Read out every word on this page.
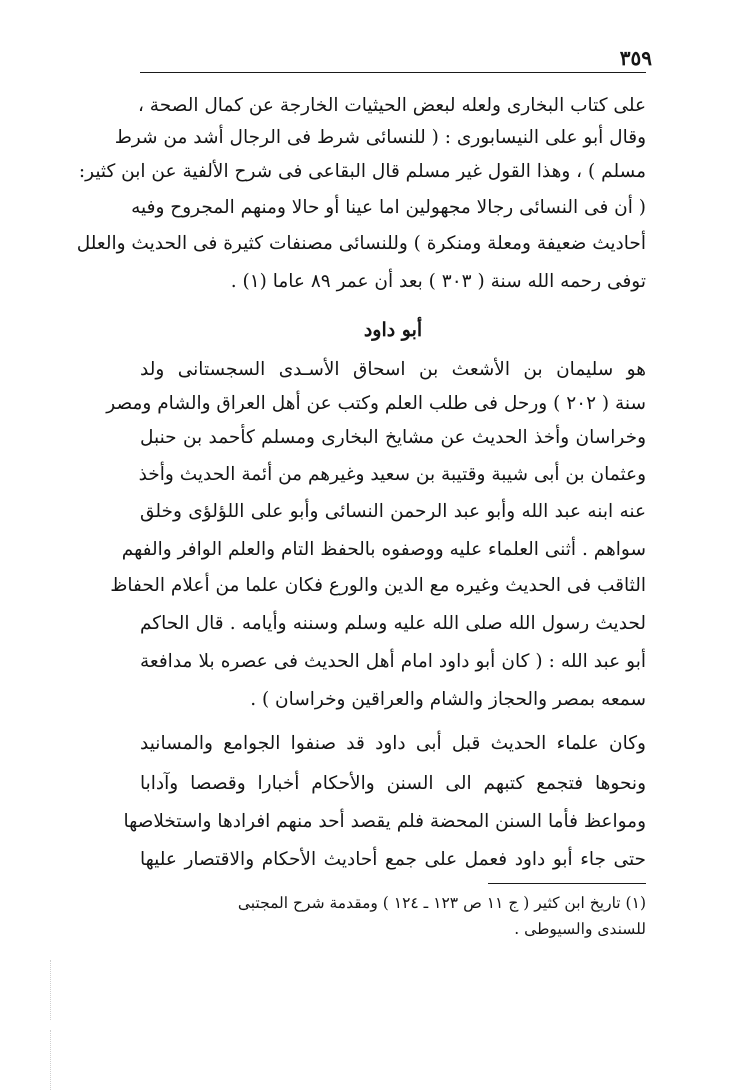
٣٥٩
على كتاب البخارى ولعله لبعض الحيثيات الخارجة عن كمال الصحة ،
وقال أبو على النيسابورى : ( للنسائى شرط فى الرجال أشد من شرط
مسلم ) ، وهذا القول غير مسلم قال البقاعى فى شرح الألفية عن ابن كثير:
( أن فى النسائى رجالا مجهولين اما عينا أو حالا ومنهم المجروح وفيه
أحاديث ضعيفة ومعلة ومنكرة ) وللنسائى مصنفات كثيرة فى الحديث والعلل
توفى رحمه الله سنة ( ٣٠٣ ) بعد أن عمر ٨٩ عاما (١) .
أبو داود
هو سليمان بن الأشعث بن اسحاق الأسـدى السجستانى ولد
سنة ( ٢٠٢ ) ورحل فى طلب العلم وكتب عن أهل العراق والشام ومصر
وخراسان وأخذ الحديث عن مشايخ البخارى ومسلم كأحمد بن حنبل
وعثمان بن أبى شيبة وقتيبة بن سعيد وغيرهم من أئمة الحديث وأخذ
عنه ابنه عبد الله وأبو عبد الرحمن النسائى وأبو على اللؤلؤى وخلق
سواهم . أثنى العلماء عليه ووصفوه بالحفظ التام والعلم الوافر والفهم
الثاقب فى الحديث وغيره مع الدين والورع فكان علما من أعلام الحفاظ
لحديث رسول الله صلى الله عليه وسلم وسننه وأيامه . قال الحاكم
أبو عبد الله : ( كان أبو داود امام أهل الحديث فى عصره بلا مدافعة
سمعه بمصر والحجاز والشام والعراقين وخراسان ) .
وكان علماء الحديث قبل أبى داود قد صنفوا الجوامع والمسانيد
ونحوها فتجمع كتبهم الى السنن والأحكام أخبارا وقصصا وآدابا
ومواعظ فأما السنن المحضة فلم يقصد أحد منهم افرادها واستخلاصها
حتى جاء أبو داود فعمل على جمع أحاديث الأحكام والاقتصار عليها
(١) تاريخ ابن كثير ( ج ١١ ص ١٢٣ ـ ١٢٤ ) ومقدمة شرح المجتبى
للسندى والسيوطى .
